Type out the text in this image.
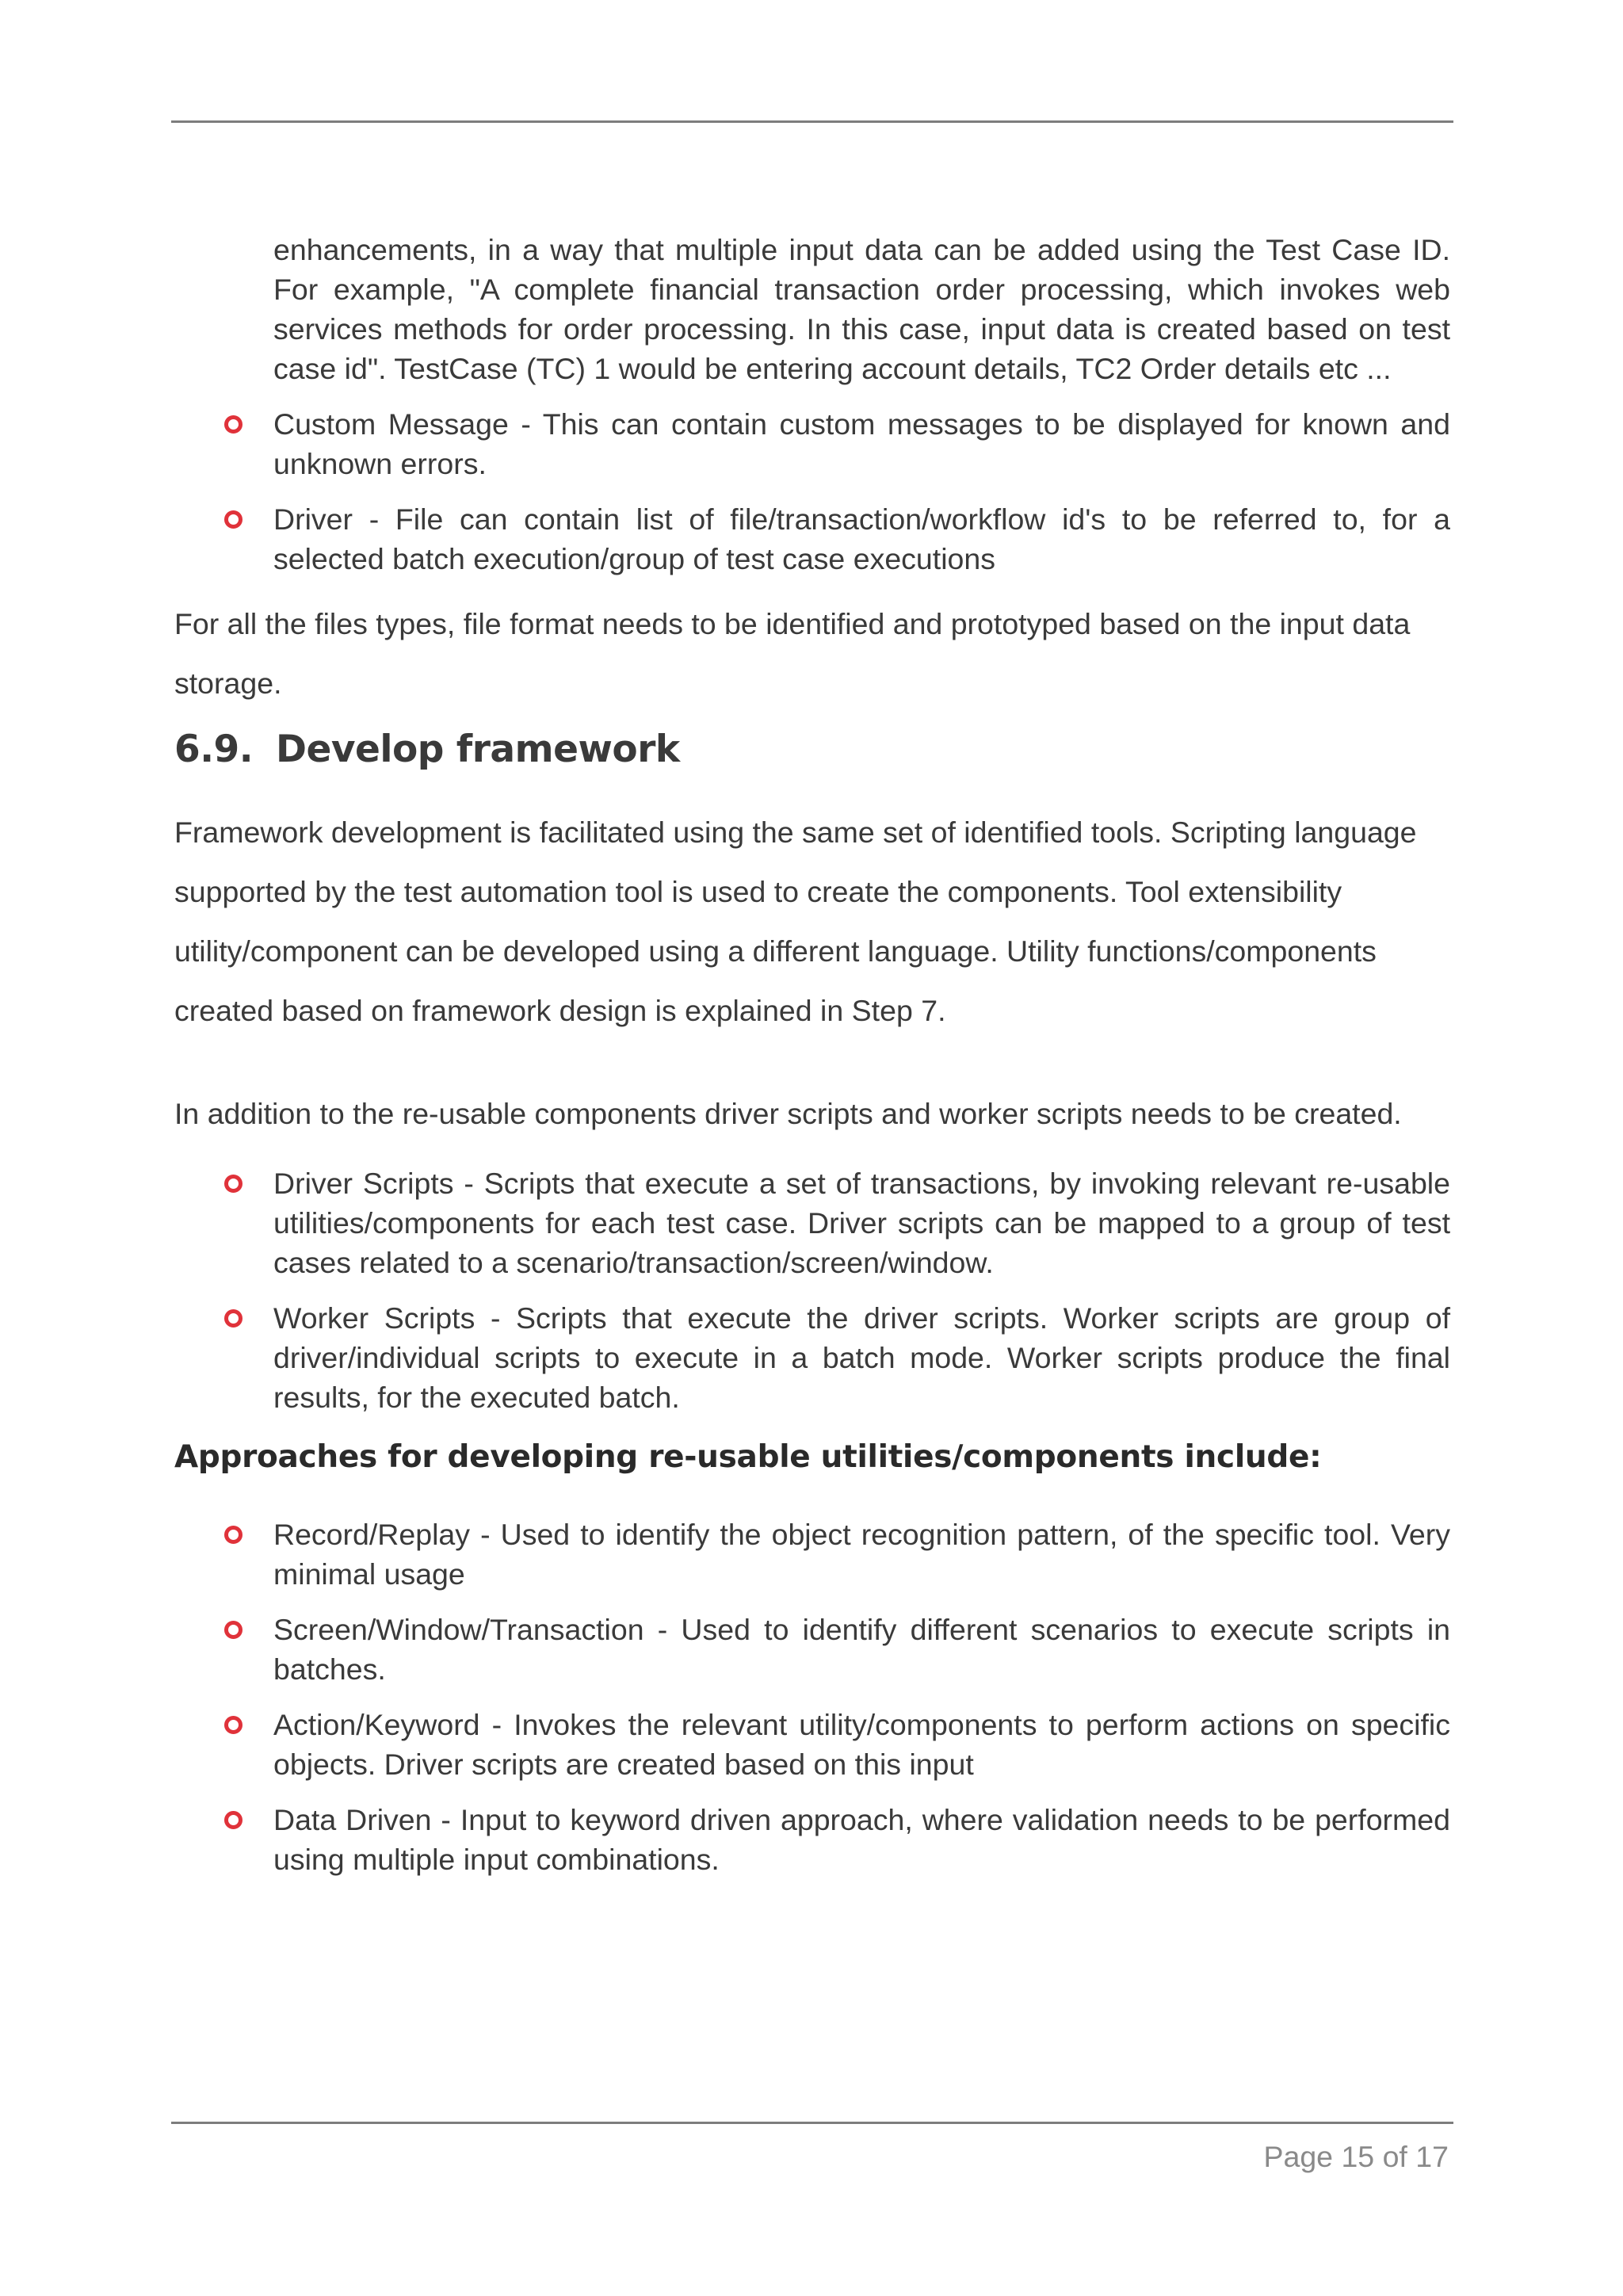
enhancements, in a way that multiple input data can be added using the Test Case ID. For example, "A complete financial transaction order processing, which invokes web services methods for order processing. In this case, input data is created based on test case id". TestCase (TC) 1 would be entering account details, TC2 Order details etc ...

Custom Message - This can contain custom messages to be displayed for known and unknown errors.
Driver - File can contain list of file/transaction/workflow id's to be referred to, for a selected batch execution/group of test case executions

For all the files types, file format needs to be identified and prototyped based on the input data storage.

6.9. Develop framework

Framework development is facilitated using the same set of identified tools. Scripting language supported by the test automation tool is used to create the components. Tool extensibility utility/component can be developed using a different language. Utility functions/components created based on framework design is explained in Step 7.

In addition to the re-usable components driver scripts and worker scripts needs to be created.

Driver Scripts - Scripts that execute a set of transactions, by invoking relevant re-usable utilities/components for each test case. Driver scripts can be mapped to a group of test cases related to a scenario/transaction/screen/window.
Worker Scripts - Scripts that execute the driver scripts. Worker scripts are group of driver/individual scripts to execute in a batch mode. Worker scripts produce the final results, for the executed batch.
Approaches for developing re-usable utilities/components include:
Record/Replay - Used to identify the object recognition pattern, of the specific tool. Very minimal usage
Screen/Window/Transaction - Used to identify different scenarios to execute scripts in batches.
Action/Keyword - Invokes the relevant utility/components to perform actions on specific objects. Driver scripts are created based on this input
Data Driven - Input to keyword driven approach, where validation needs to be performed using multiple input combinations.
Page 15 of 17
